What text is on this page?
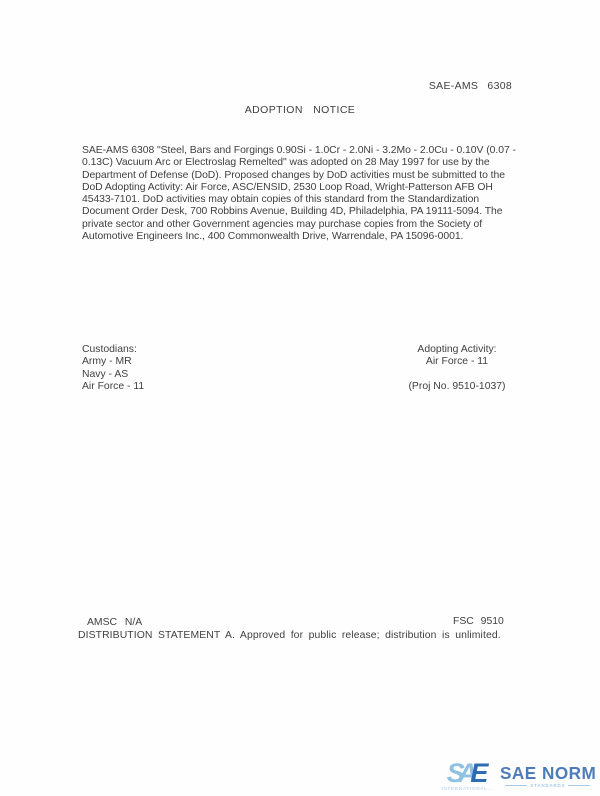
SAE-AMS 6308
ADOPTION NOTICE
SAE-AMS 6308 "Steel, Bars and Forgings 0.90Si - 1.0Cr - 2.0Ni - 3.2Mo - 2.0Cu - 0.10V (0.07 -
0.13C) Vacuum Arc or Electroslag Remelted" was adopted on 28 May 1997 for use by the
Department of Defense (DoD). Proposed changes by DoD activities must be submitted to the
DoD Adopting Activity: Air Force, ASC/ENSID, 2530 Loop Road, Wright-Patterson AFB OH
45433-7101. DoD activities may obtain copies of this standard from the Standardization
Document Order Desk, 700 Robbins Avenue, Building 4D, Philadelphia, PA 19111-5094. The
private sector and other Government agencies may purchase copies from the Society of
Automotive Engineers Inc., 400 Commonwealth Drive, Warrendale, PA 15096-0001.
Custodians:
Army - MR
Navy - AS
Air Force - 11
Adopting Activity:
Air Force - 11
(Proj No. 9510-1037)
AMSC N/A
DISTRIBUTION STATEMENT A. Approved for public release; distribution is unlimited.
FSC 9510
SAE
INTERNATIONAL...
SAE NORM
STANDARDS
